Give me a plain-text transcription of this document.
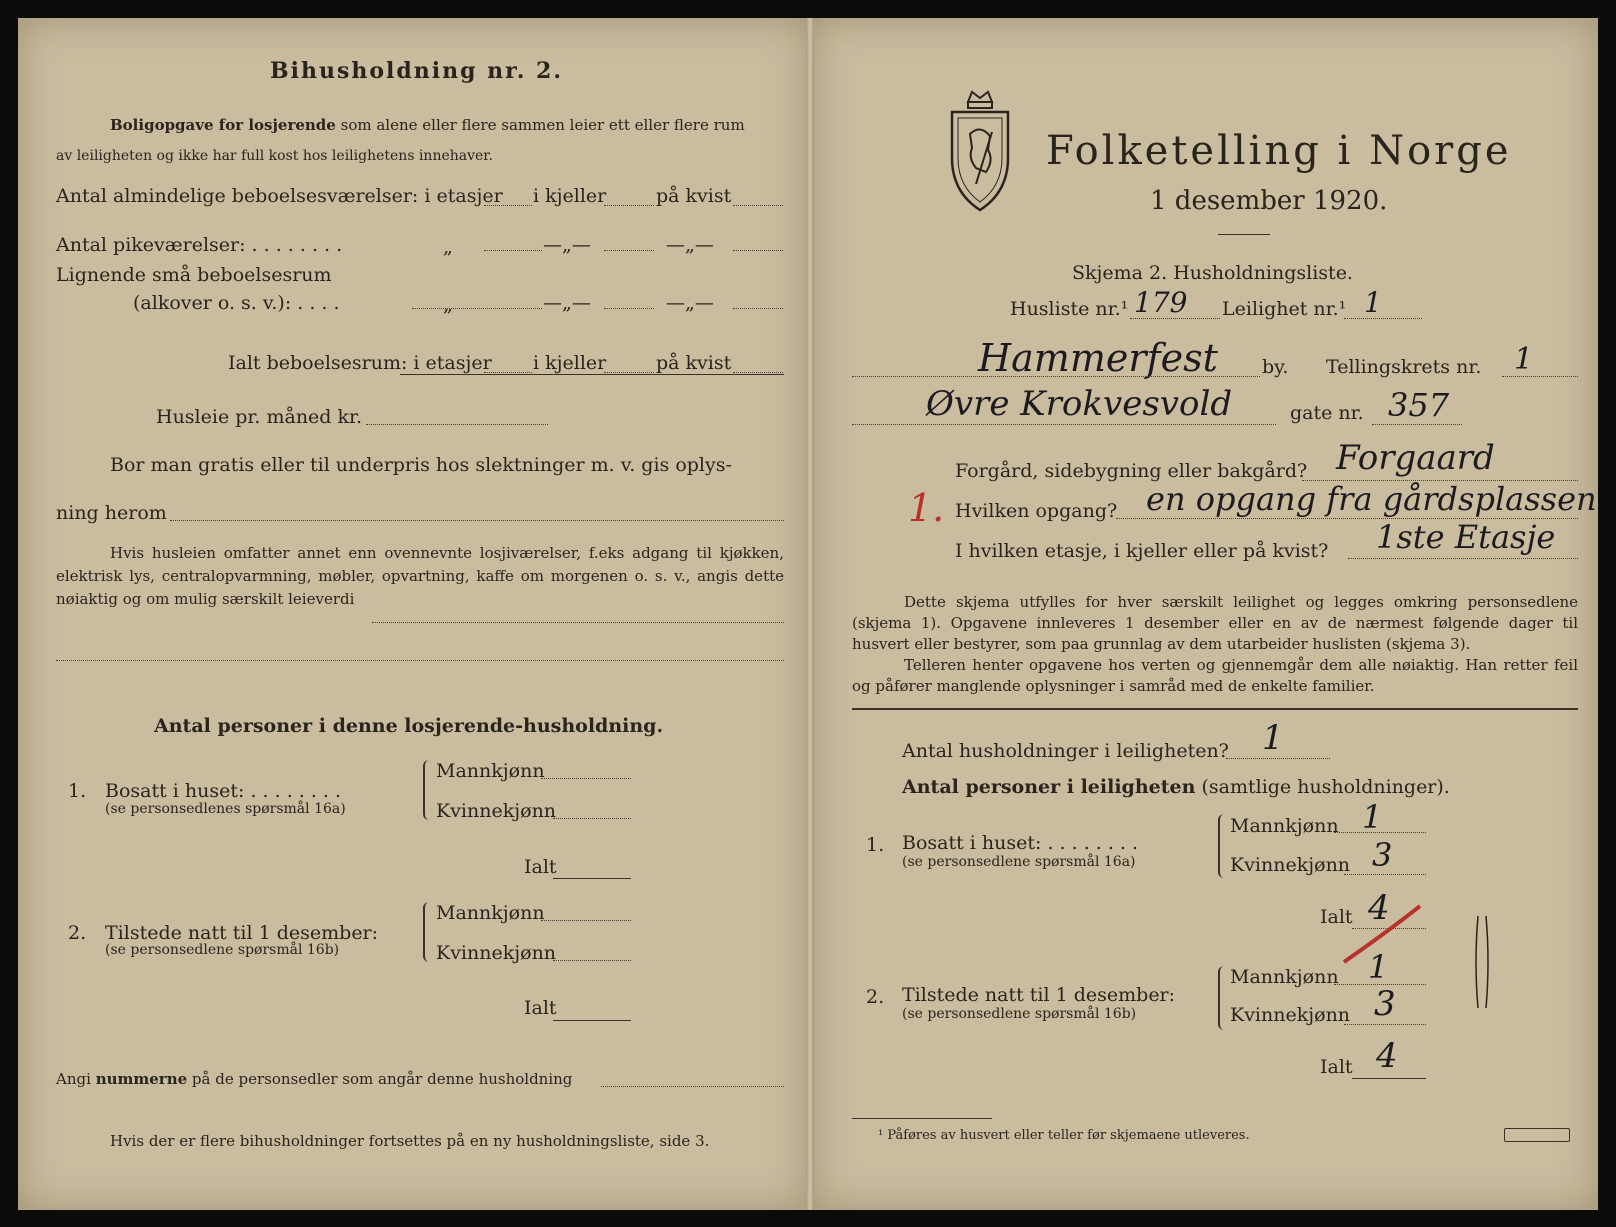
Bihusholdning nr. 2.
Boligopgave for losjerende som alene eller flere sammen leier ett eller flere rum
av leiligheten og ikke har full kost hos leilighetens innehaver.
Antal almindelige beboelsesværelser: i etasjer i kjeller	på kvist
Antal pikeværelser: . . . . . . . .	„	—„—	—„—
Lignende små beboelsesrum
(alkover o. s. v.): . . . .	„	—„—	—„—
Ialt beboelsesrum: i etasjer i kjeller	på kvist
Husleie pr. måned kr.
Bor man gratis eller til underpris hos slektninger m. v. gis oplys-
ning herom
Hvis husleien omfatter annet enn ovennevnte losjiværelser, f.eks adgang til kjøkken, elektrisk lys, centralopvarmning, møbler, opvartning, kaffe om morgenen o. s. v., angis dette nøiaktig og om mulig særskilt leieverdi
Antal personer i denne losjerende-husholdning.
1. Bosatt i huset: . . . . . . . .
(se personsedlenes spørsmål 16a)
Mannkjønn
Kvinnekjønn
Ialt
2. Tilstede natt til 1 desember:
(se personsedlene spørsmål 16b)
Mannkjønn
Kvinnekjønn
Ialt
Angi nummerne på de personsedler som angår denne husholdning
Hvis der er flere bihusholdninger fortsettes på en ny husholdningsliste, side 3.
Folketelling i Norge
1 desember 1920.
Skjema 2. Husholdningsliste.
Husliste nr.¹ 179 Leilighet nr.¹ 1
Hammerfest by. Tellingskrets nr. 1
Øvre Krokvesvold	gate nr. 357
Forgård, sidebygning eller bakgård? Forgaard
1. Hvilken opgang? en opgang fra gårdsplassen
I hvilken etasje, i kjeller eller på kvist? 1ste Etasje
Dette skjema utfylles for hver særskilt leilighet og legges omkring personsedlene (skjema 1). Opgavene innleveres 1 desember eller en av de nærmest følgende dager til husvert eller bestyrer, som paa grunnlag av dem utarbeider huslisten (skjema 3).
Telleren henter opgavene hos verten og gjennemgår dem alle nøiaktig. Han retter feil og påfører manglende oplysninger i samråd med de enkelte familier.
Antal husholdninger i leiligheten? 1
Antal personer i leiligheten (samtlige husholdninger).
1. Bosatt i huset: . . . . . . . .
(se personsedlene spørsmål 16a)
Mannkjønn 1
Kvinnekjønn 3
Ialt 4
2. Tilstede natt til 1 desember:
(se personsedlene spørsmål 16b)
Mannkjønn 1
Kvinnekjønn 3
Ialt 4
¹ Påføres av husvert eller teller før skjemaene utleveres.
